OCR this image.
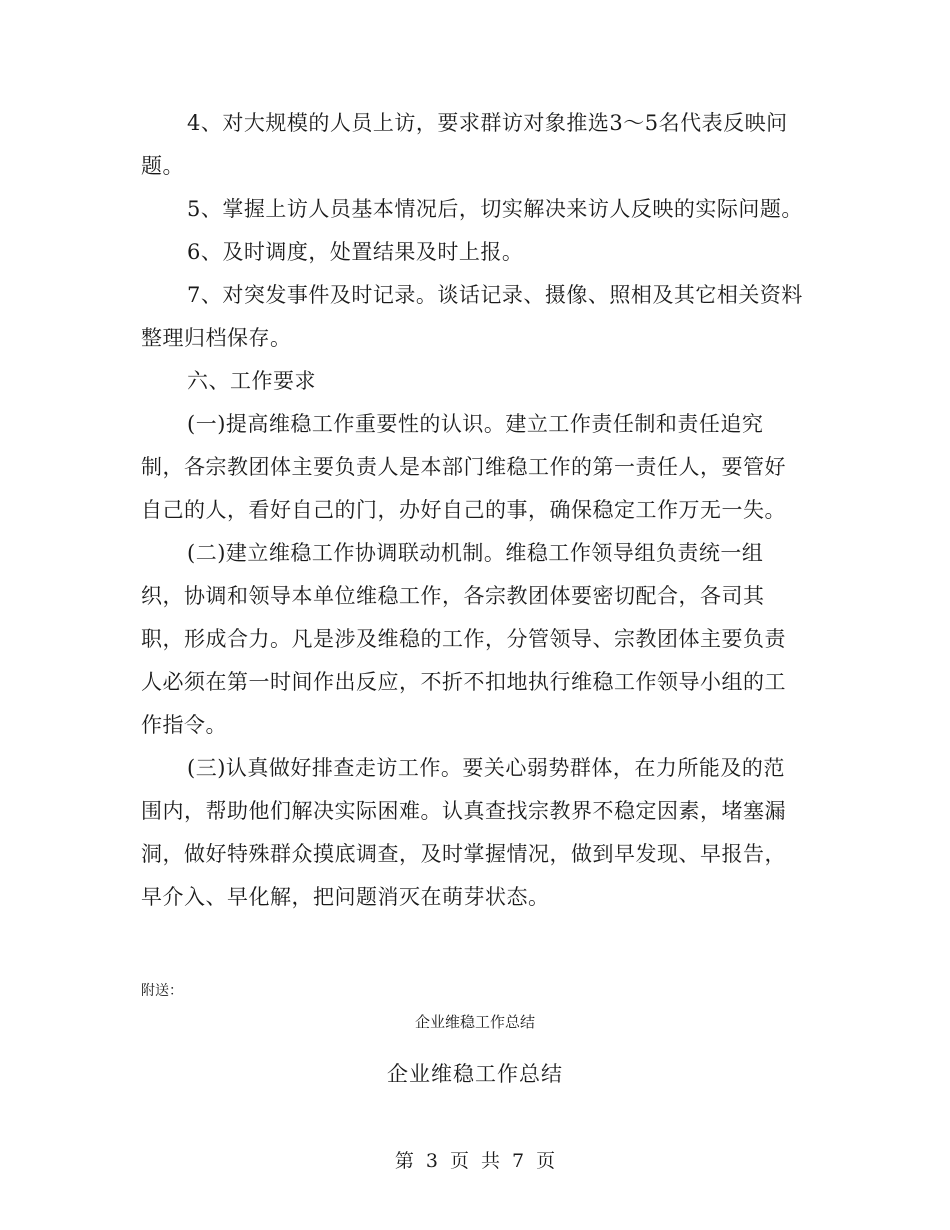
4、对大规模的人员上访，要求群访对象推选3～5名代表反映问
题。
5、掌握上访人员基本情况后，切实解决来访人反映的实际问题。
6、及时调度，处置结果及时上报。
7、对突发事件及时记录。谈话记录、摄像、照相及其它相关资料
整理归档保存。
六、工作要求
(一)提高维稳工作重要性的认识。建立工作责任制和责任追究
制，各宗教团体主要负责人是本部门维稳工作的第一责任人，要管好
自己的人，看好自己的门，办好自己的事，确保稳定工作万无一失。
(二)建立维稳工作协调联动机制。维稳工作领导组负责统一组
织，协调和领导本单位维稳工作，各宗教团体要密切配合，各司其
职，形成合力。凡是涉及维稳的工作，分管领导、宗教团体主要负责
人必须在第一时间作出反应，不折不扣地执行维稳工作领导小组的工
作指令。
(三)认真做好排查走访工作。要关心弱势群体，在力所能及的范
围内，帮助他们解决实际困难。认真查找宗教界不稳定因素，堵塞漏
洞，做好特殊群众摸底调查，及时掌握情况，做到早发现、早报告，
早介入、早化解，把问题消灭在萌芽状态。
附送：
企业维稳工作总结
企业维稳工作总结
第 3 页 共 7 页
